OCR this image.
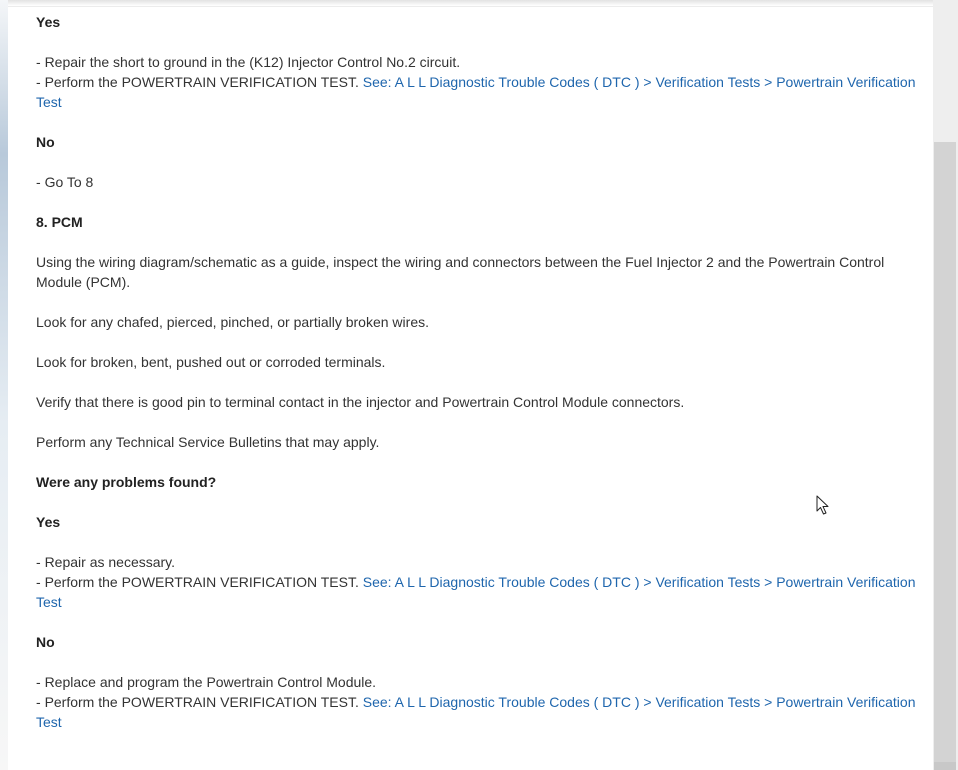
Yes

- Repair the short to ground in the (K12) Injector Control No.2 circuit.
- Perform the POWERTRAIN VERIFICATION TEST. See: A L L Diagnostic Trouble Codes ( DTC ) > Verification Tests > Powertrain Verification Test

No

- Go To 8

8. PCM

Using the wiring diagram/schematic as a guide, inspect the wiring and connectors between the Fuel Injector 2 and the Powertrain Control Module (PCM).

Look for any chafed, pierced, pinched, or partially broken wires.

Look for broken, bent, pushed out or corroded terminals.

Verify that there is good pin to terminal contact in the injector and Powertrain Control Module connectors.

Perform any Technical Service Bulletins that may apply.

Were any problems found?

Yes

- Repair as necessary.
- Perform the POWERTRAIN VERIFICATION TEST. See: A L L Diagnostic Trouble Codes ( DTC ) > Verification Tests > Powertrain Verification Test

No

- Replace and program the Powertrain Control Module.
- Perform the POWERTRAIN VERIFICATION TEST. See: A L L Diagnostic Trouble Codes ( DTC ) > Verification Tests > Powertrain Verification Test
